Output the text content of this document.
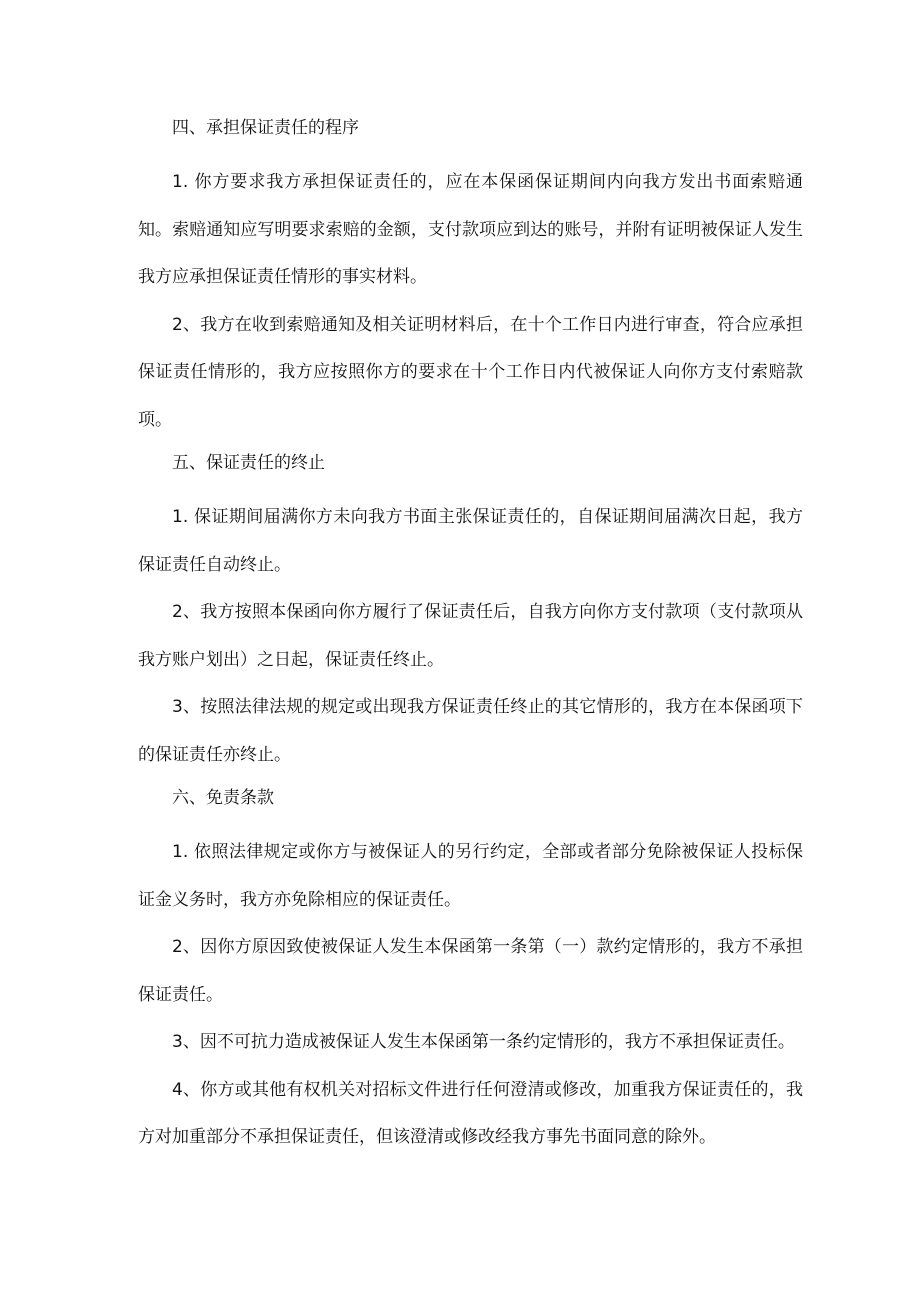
四、承担保证责任的程序

1. 你方要求我方承担保证责任的，应在本保函保证期间内向我方发出书面索赔通知。索赔通知应写明要求索赔的金额，支付款项应到达的账号，并附有证明被保证人发生我方应承担保证责任情形的事实材料。

2、我方在收到索赔通知及相关证明材料后，在十个工作日内进行审查，符合应承担保证责任情形的，我方应按照你方的要求在十个工作日内代被保证人向你方支付索赔款项。

五、保证责任的终止

1. 保证期间届满你方未向我方书面主张保证责任的，自保证期间届满次日起，我方保证责任自动终止。

2、我方按照本保函向你方履行了保证责任后，自我方向你方支付款项（支付款项从我方账户划出）之日起，保证责任终止。

3、按照法律法规的规定或出现我方保证责任终止的其它情形的，我方在本保函项下的保证责任亦终止。

六、免责条款

1. 依照法律规定或你方与被保证人的另行约定，全部或者部分免除被保证人投标保证金义务时，我方亦免除相应的保证责任。

2、因你方原因致使被保证人发生本保函第一条第（一）款约定情形的，我方不承担保证责任。

3、因不可抗力造成被保证人发生本保函第一条约定情形的，我方不承担保证责任。

4、你方或其他有权机关对招标文件进行任何澄清或修改，加重我方保证责任的，我方对加重部分不承担保证责任，但该澄清或修改经我方事先书面同意的除外。
